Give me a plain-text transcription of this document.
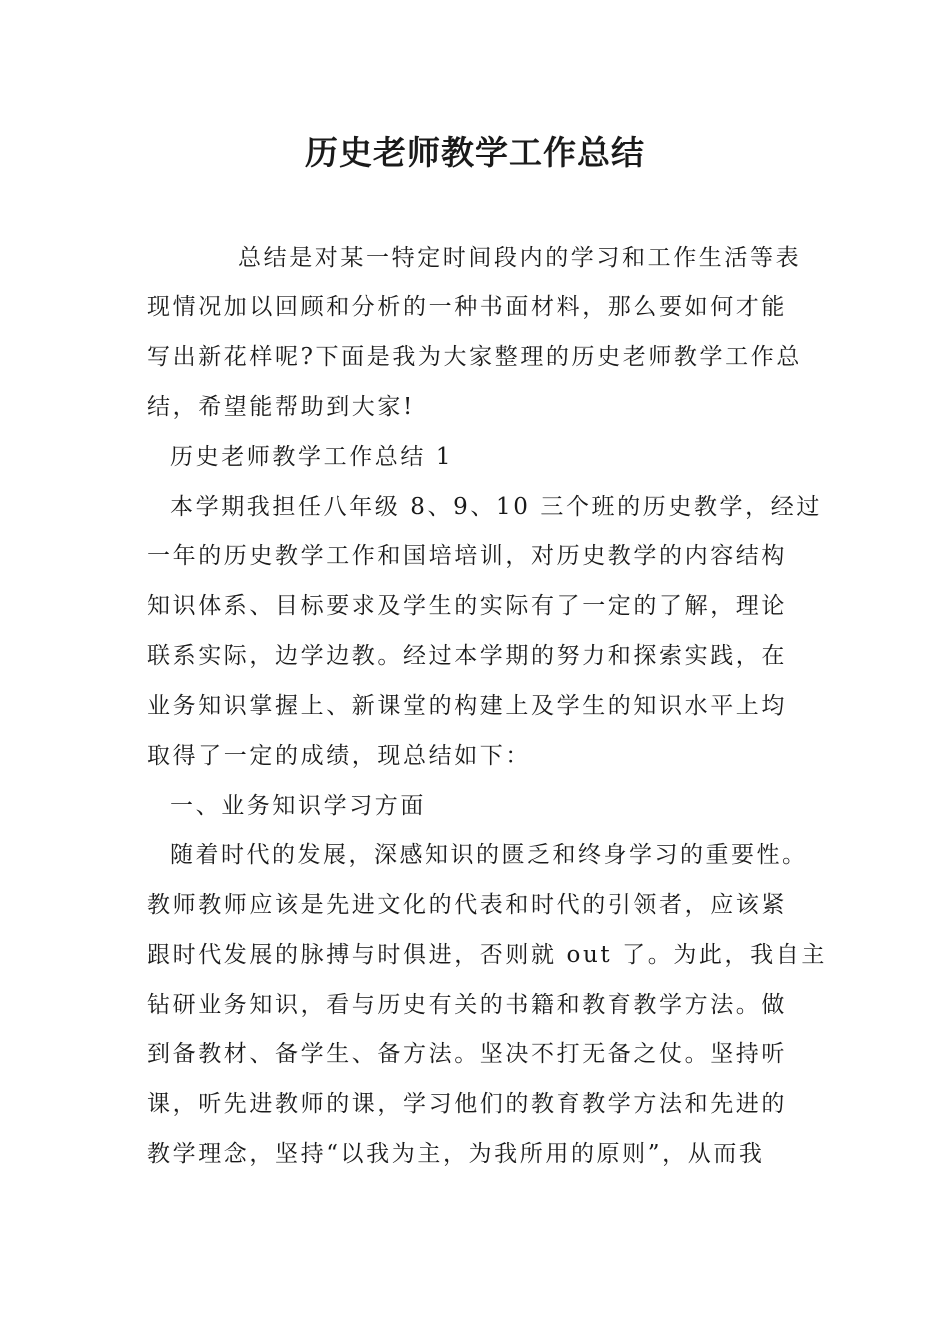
历史老师教学工作总结

总结是对某一特定时间段内的学习和工作生活等表

现情况加以回顾和分析的一种书面材料，那么要如何才能

写出新花样呢?下面是我为大家整理的历史老师教学工作总

结，希望能帮助到大家!

历史老师教学工作总结 1

本学期我担任八年级 8、9、10 三个班的历史教学，经过

一年的历史教学工作和国培培训，对历史教学的内容结构

知识体系、目标要求及学生的实际有了一定的了解，理论

联系实际，边学边教。经过本学期的努力和探索实践，在

业务知识掌握上、新课堂的构建上及学生的知识水平上均

取得了一定的成绩，现总结如下：

一、业务知识学习方面

随着时代的发展，深感知识的匮乏和终身学习的重要性。

教师教师应该是先进文化的代表和时代的引领者，应该紧

跟时代发展的脉搏与时俱进，否则就 out 了。为此，我自主

钻研业务知识，看与历史有关的书籍和教育教学方法。做

到备教材、备学生、备方法。坚决不打无备之仗。坚持听

课，听先进教师的课，学习他们的教育教学方法和先进的

教学理念，坚持“以我为主，为我所用的原则”，从而我
